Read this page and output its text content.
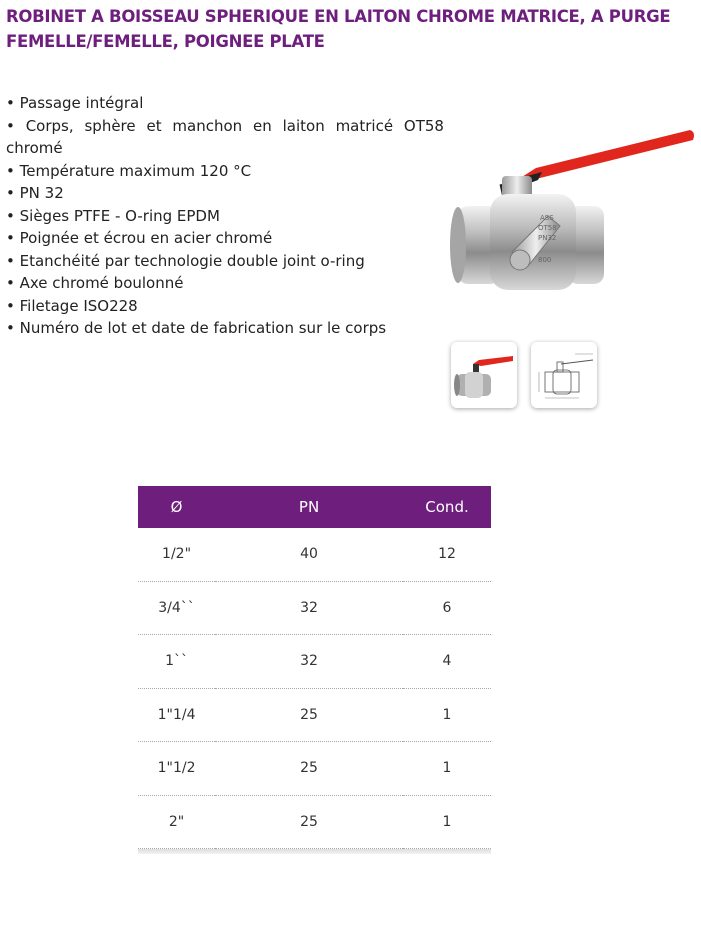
ROBINET A BOISSEAU SPHERIQUE EN LAITON CHROME MATRICE, A PURGE FEMELLE/FEMELLE, POIGNEE PLATE
• Passage intégral
• Corps, sphère et manchon en laiton matricé OT58 chromé
• Température maximum 120 °C
• PN 32
• Sièges PTFE - O-ring EPDM
• Poignée et écrou en acier chromé
• Etanchéité par technologie double joint o-ring
• Axe chromé boulonné
• Filetage ISO228
• Numéro de lot et date de fabrication sur le corps
ASS
OT58
PN32
800
Ø	PN	Cond.
1/2"	40	12
3/4``	32	6
1``	32	4
1"1/4	25	1
1"1/2	25	1
2"	25	1
